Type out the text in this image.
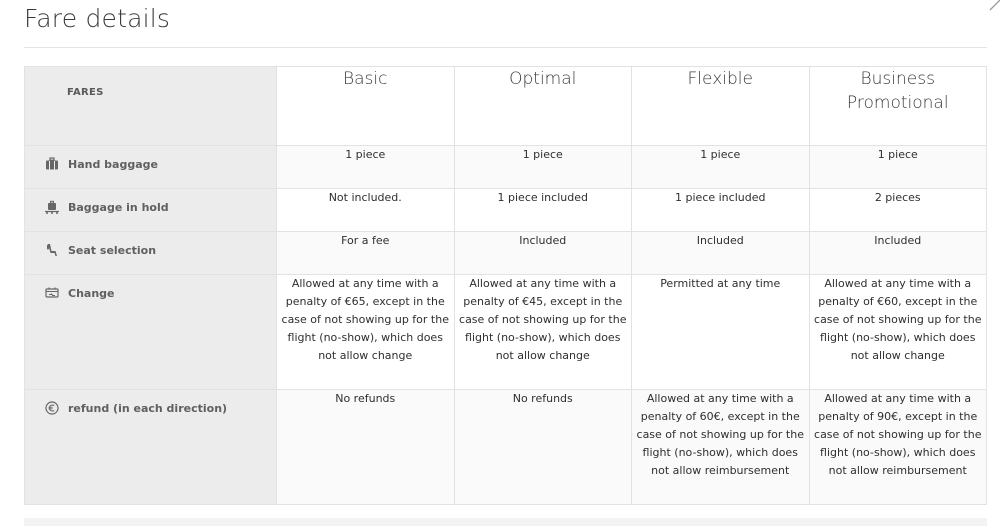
Fare details
FARES	Basic	Optimal	Flexible	Business Promotional

Hand baggage	1 piece	1 piece	1 piece	1 piece

Baggage in hold	Not included.	1 piece included	1 piece included	2 pieces

Seat selection	For a fee	Included	Included	Included

Change	Allowed at any time with a penalty of €65, except in the case of not showing up for the flight (no-show), which does not allow change	Allowed at any time with a penalty of €45, except in the case of not showing up for the flight (no-show), which does not allow change	Permitted at any time	Allowed at any time with a penalty of €60, except in the case of not showing up for the flight (no-show), which does not allow change

refund (in each direction)	No refunds	No refunds	Allowed at any time with a penalty of 60€, except in the case of not showing up for the flight (no-show), which does not allow reimbursement	Allowed at any time with a penalty of 90€, except in the case of not showing up for the flight (no-show), which does not allow reimbursement
